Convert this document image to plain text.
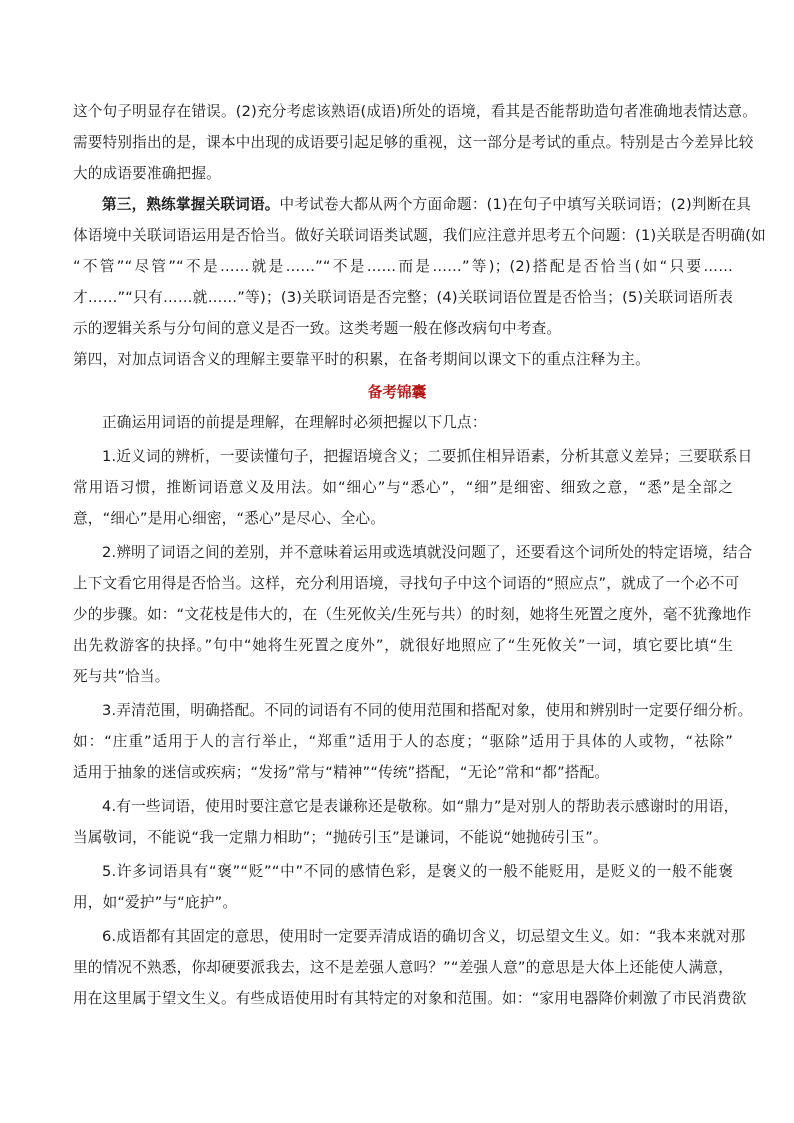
这个句子明显存在错误。(2)充分考虑该熟语(成语)所处的语境，看其是否能帮助造句者准确地表情达意。
需要特别指出的是，课本中出现的成语要引起足够的重视，这一部分是考试的重点。特别是古今差异比较
大的成语要准确把握。
第三，熟练掌握关联词语。中考试卷大都从两个方面命题：(1)在句子中填写关联词语；(2)判断在具
体语境中关联词语运用是否恰当。做好关联词语类试题，我们应注意并思考五个问题：(1)关联是否明确(如
“不管”“尽管”“不是……就是……”“不是……而是……”等)；(2)搭配是否恰当(如“只要……
才……”“只有……就……”等)；(3)关联词语是否完整；(4)关联词语位置是否恰当；(5)关联词语所表
示的逻辑关系与分句间的意义是否一致。这类考题一般在修改病句中考查。
第四，对加点词语含义的理解主要靠平时的积累，在备考期间以课文下的重点注释为主。
备考锦囊
正确运用词语的前提是理解，在理解时必须把握以下几点：
1.近义词的辨析，一要读懂句子，把握语境含义；二要抓住相异语素，分析其意义差异；三要联系日
常用语习惯，推断词语意义及用法。如“细心”与“悉心”，“细”是细密、细致之意，“悉”是全部之
意，“细心”是用心细密，“悉心”是尽心、全心。
2.辨明了词语之间的差别，并不意味着运用或选填就没问题了，还要看这个词所处的特定语境，结合
上下文看它用得是否恰当。这样，充分利用语境，寻找句子中这个词语的“照应点”，就成了一个必不可
少的步骤。如：“文花枝是伟大的，在（生死攸关/生死与共）的时刻，她将生死置之度外，毫不犹豫地作
出先救游客的抉择。”句中“她将生死置之度外”，就很好地照应了“生死攸关”一词，填它要比填“生
死与共”恰当。
3.弄清范围，明确搭配。不同的词语有不同的使用范围和搭配对象，使用和辨别时一定要仔细分析。
如：“庄重”适用于人的言行举止，“郑重”适用于人的态度；“驱除”适用于具体的人或物，“祛除”
适用于抽象的迷信或疾病；“发扬”常与“精神”“传统”搭配，“无论”常和“都”搭配。
4.有一些词语，使用时要注意它是表谦称还是敬称。如“鼎力”是对别人的帮助表示感谢时的用语，
当属敬词，不能说“我一定鼎力相助”；“抛砖引玉”是谦词，不能说“她抛砖引玉”。
5.许多词语具有“褒”“贬”“中”不同的感情色彩，是褒义的一般不能贬用，是贬义的一般不能褒
用，如“爱护”与“庇护”。
6.成语都有其固定的意思，使用时一定要弄清成语的确切含义，切忌望文生义。如：“我本来就对那
里的情况不熟悉，你却硬要派我去，这不是差强人意吗？”“差强人意”的意思是大体上还能使人满意，
用在这里属于望文生义。有些成语使用时有其特定的对象和范围。如：“家用电器降价刺激了市民消费欲
